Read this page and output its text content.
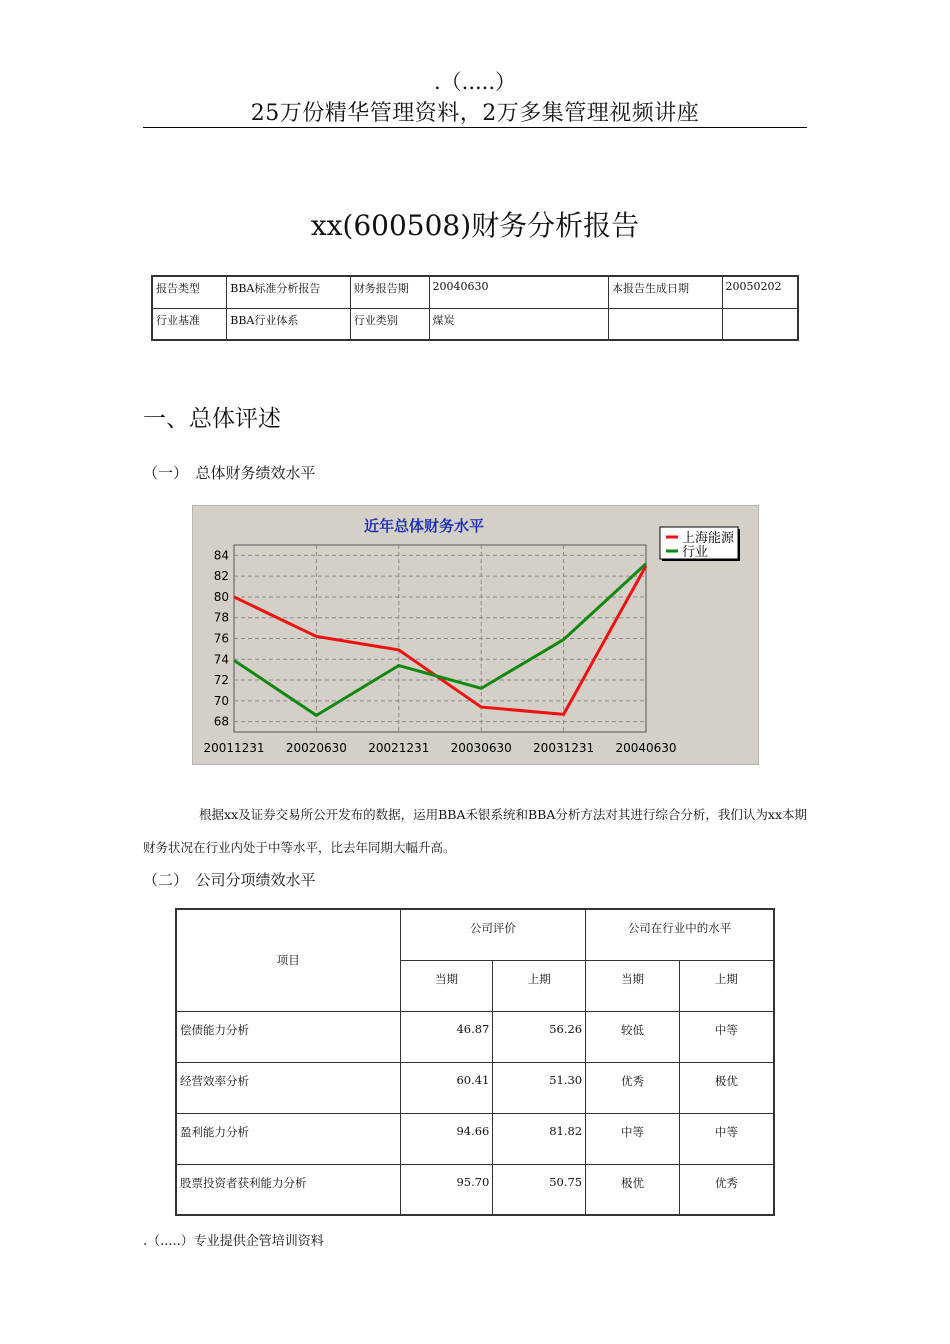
.（.....）
25万份精华管理资料，2万多集管理视频讲座
xx(600508)财务分析报告
报告类型	BBA标准分析报告	财务报告期	20040630	本报告生成日期	20050202
行业基准	BBA行业体系	行业类别	煤炭		
一、总体评述
（一）　总体财务绩效水平
近年总体财务水平
84
82
80
78
76
74
72
70
68
20011231 20020630 20021231 20030630 20031231 20040630
上海能源
行业
根据xx及证券交易所公开发布的数据，运用BBA禾银系统和BBA分析方法对其进行综合分析，我们认为xx本期财务状况在行业内处于中等水平，比去年同期大幅升高。
（二）　公司分项绩效水平
项目	公司评价		公司在行业中的水平	
	当期	上期	当期	上期
偿债能力分析	46.87	56.26	较低	中等
经营效率分析	60.41	51.30	优秀	极优
盈利能力分析	94.66	81.82	中等	中等
股票投资者获利能力分析	95.70	50.75	极优	优秀
.（.....）专业提供企管培训资料
